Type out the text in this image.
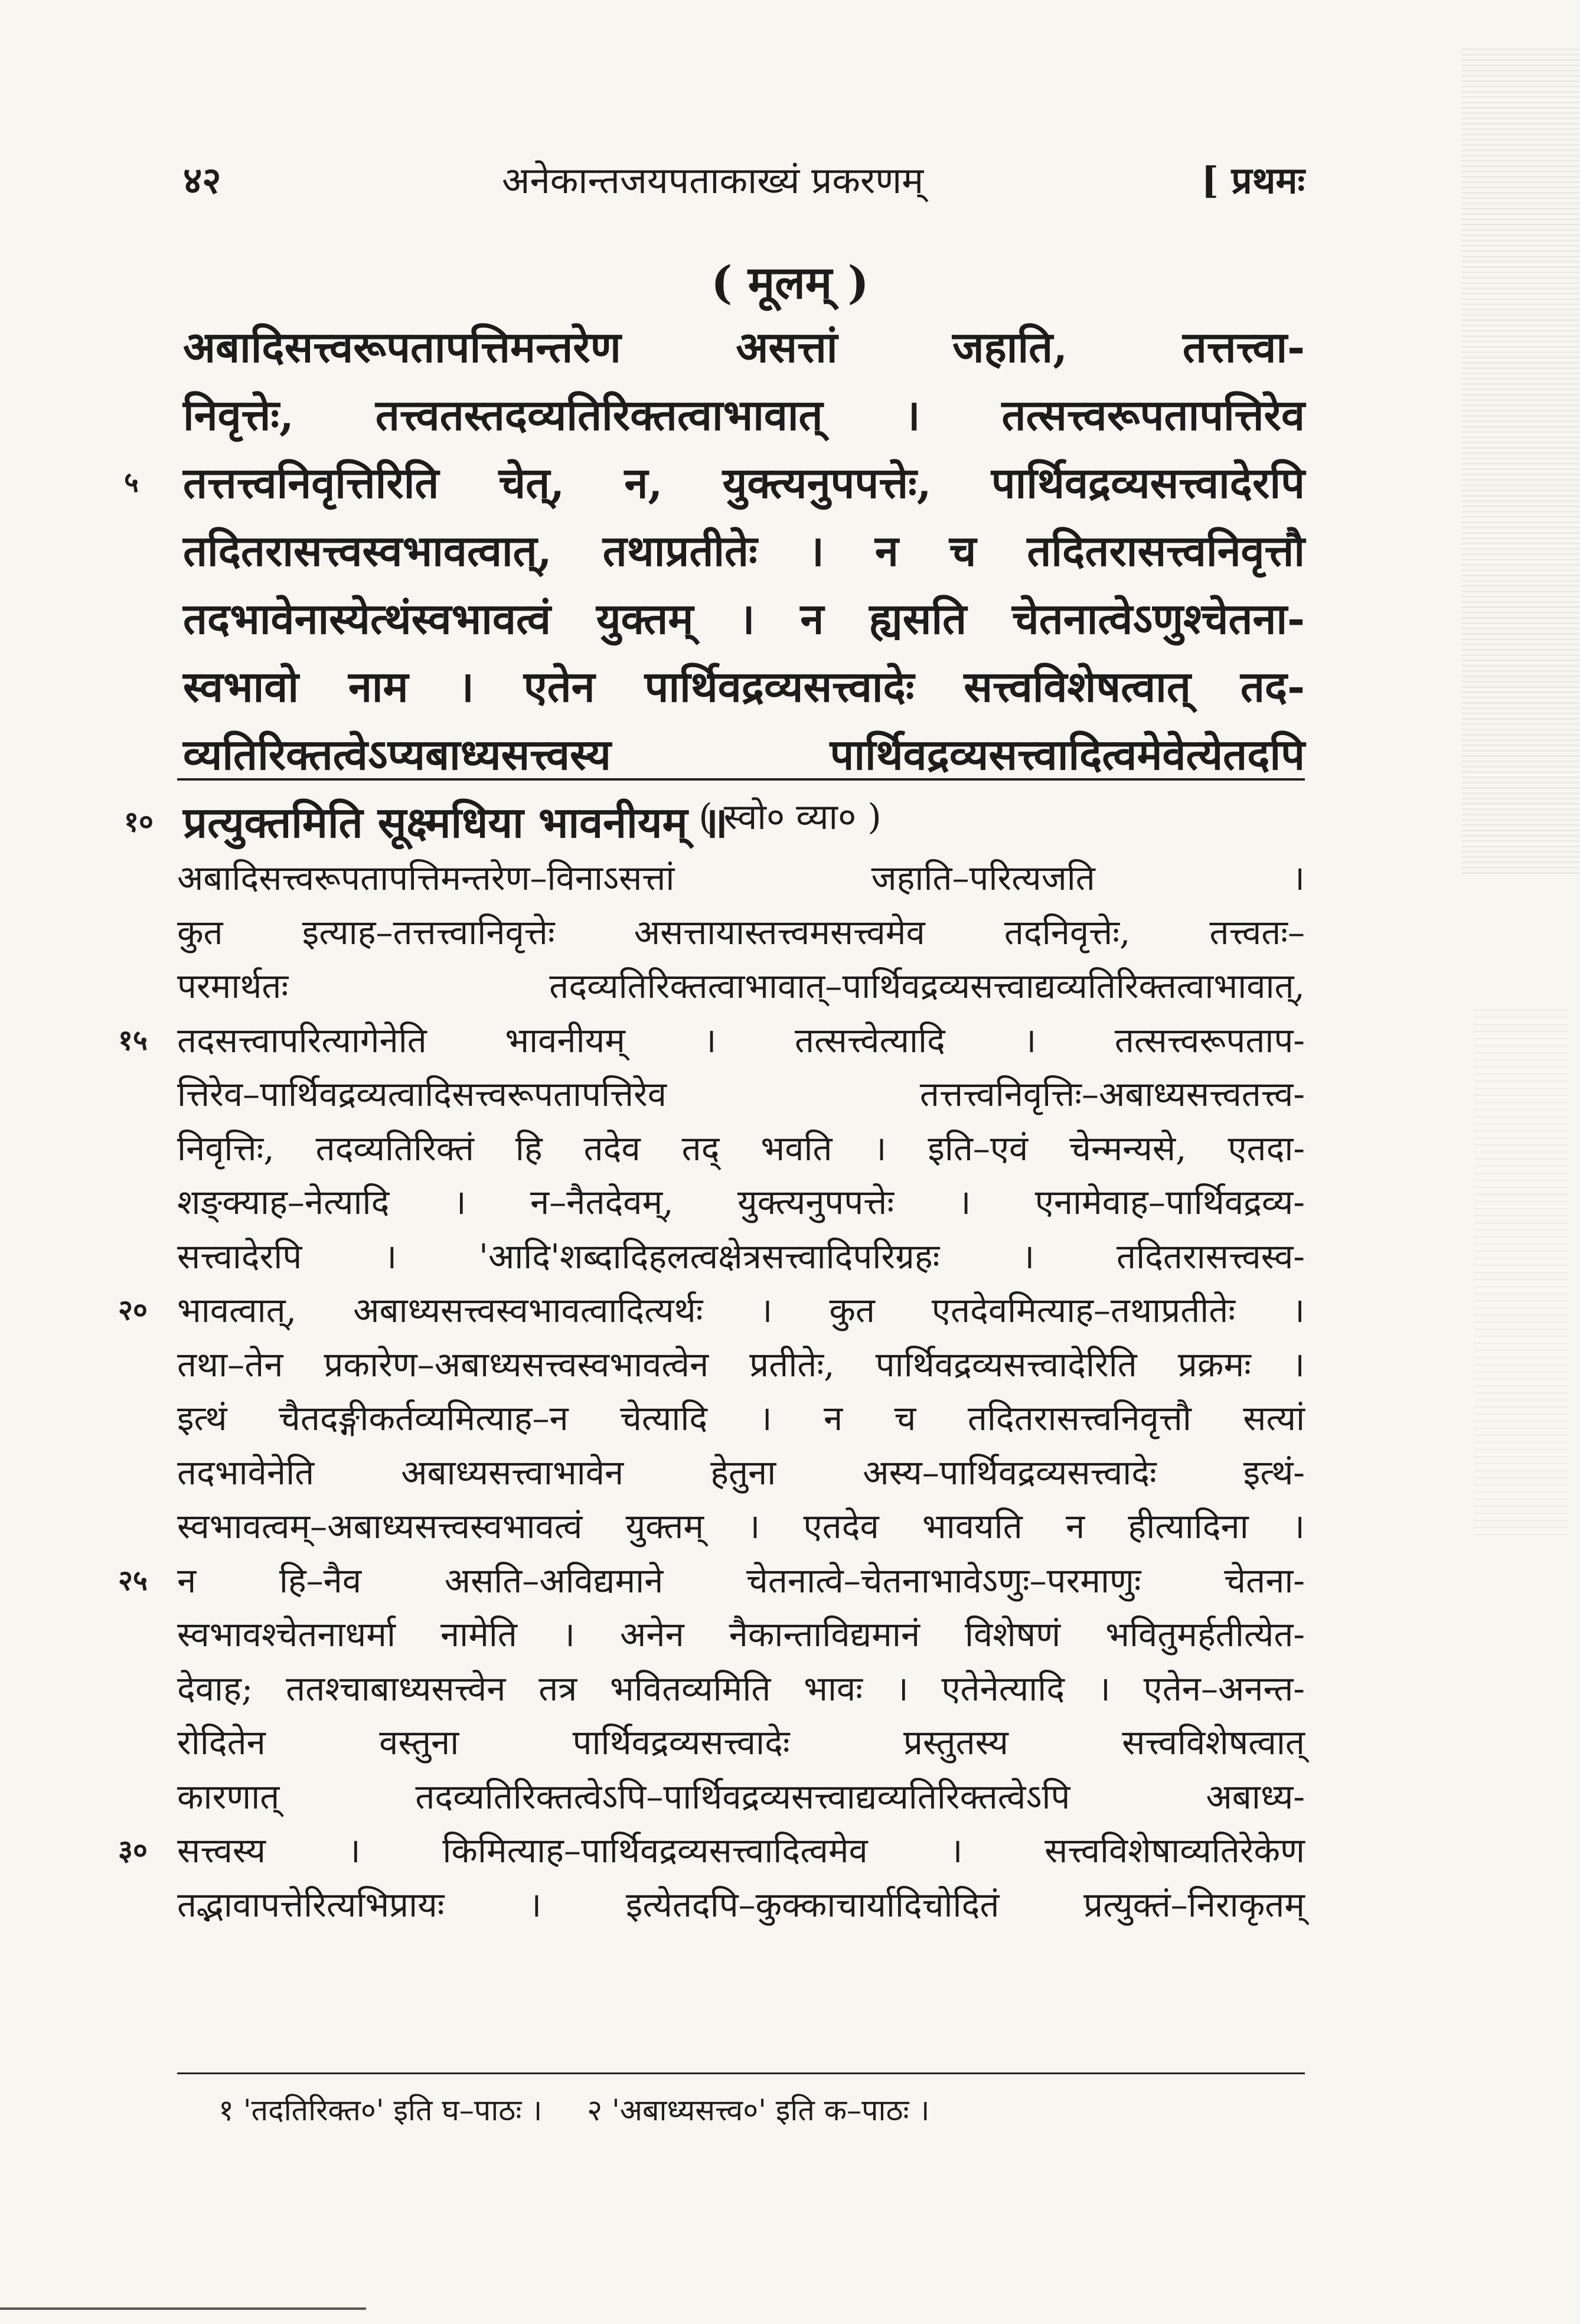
४२	अनेकान्तजयपताकाख्यं प्रकरणम्	[ प्रथमः
( मूलम् )
अबादिसत्त्वरूपतापत्तिमन्तरेण असत्तां जहाति, तत्तत्त्वा-
निवृत्तेः, तत्त्वतस्तदव्यतिरिक्तत्वाभावात् । तत्सत्त्वरूपतापत्तिरेव
५ तत्तत्त्वनिवृत्तिरिति चेत्, न, युक्त्यनुपपत्तेः, पार्थिवद्रव्यसत्त्वादेरपि
तदितरासत्त्वस्वभावत्वात्, तथाप्रतीतेः । न च तदितरासत्त्वनिवृत्तौ
तदभावेनास्येत्थंस्वभावत्वं युक्तम् । न ह्यसति चेतनात्वेऽणुश्चेतना-
स्वभावो नाम । एतेन पार्थिवद्रव्यसत्त्वादेः सत्त्वविशेषत्वात् तद-
व्यतिरिक्तत्वेऽप्यबाध्यसत्त्वस्य पार्थिवद्रव्यसत्त्वादित्वमेवेत्येतदपि
१० प्रत्युक्तमिति सूक्ष्मधिया भावनीयम् ॥
( स्वो० व्या० )
अबादिसत्त्वरूपतापत्तिमन्तरेण–विनाऽसत्तां जहाति–परित्यजति ।
कुत इत्याह–तत्तत्त्वानिवृत्तेः असत्तायास्तत्त्वमसत्त्वमेव तदनिवृत्तेः, तत्त्वतः–
परमार्थतः तदव्यतिरिक्तत्वाभावात्–पार्थिवद्रव्यसत्त्वाद्यव्यतिरिक्तत्वाभावात्,
१५ तदसत्त्वापरित्यागेनेति भावनीयम् । तत्सत्त्वेत्यादि । तत्सत्त्वरूपताप-
त्तिरेव–पार्थिवद्रव्यत्वादिसत्त्वरूपतापत्तिरेव तत्तत्त्वनिवृत्तिः–अबाध्यसत्त्वतत्त्व-
निवृत्तिः, तदव्यतिरिक्तं हि तदेव तद् भवति । इति–एवं चेन्मन्यसे, एतदा-
शङ्क्याह–नेत्यादि । न–नैतदेवम्, युक्त्यनुपपत्तेः । एनामेवाह–पार्थिवद्रव्य-
सत्त्वादेरपि । 'आदि'शब्दादिहलत्वक्षेत्रसत्त्वादिपरिग्रहः । तदितरासत्त्वस्व-
२० भावत्वात्, अबाध्यसत्त्वस्वभावत्वादित्यर्थः । कुत एतदेवमित्याह–तथाप्रतीतेः ।
तथा–तेन प्रकारेण–अबाध्यसत्त्वस्वभावत्वेन प्रतीतेः, पार्थिवद्रव्यसत्त्वादेरिति प्रक्रमः ।
इत्थं चैतदङ्गीकर्तव्यमित्याह–न चेत्यादि । न च तदितरासत्त्वनिवृत्तौ सत्यां
तदभावेनेति अबाध्यसत्त्वाभावेन हेतुना अस्य–पार्थिवद्रव्यसत्त्वादेः इत्थं-
स्वभावत्वम्–अबाध्यसत्त्वस्वभावत्वं युक्तम् । एतदेव भावयति न हीत्यादिना ।
२५ न हि–नैव असति–अविद्यमाने चेतनात्वे–चेतनाभावेऽणुः–परमाणुः चेतना-
स्वभावश्चेतनाधर्मा नामेति । अनेन नैकान्ताविद्यमानं विशेषणं भवितुमर्हतीत्येत-
देवाह; ततश्चाबाध्यसत्त्वेन तत्र भवितव्यमिति भावः । एतेनेत्यादि । एतेन–अनन्त-
रोदितेन वस्तुना पार्थिवद्रव्यसत्त्वादेः प्रस्तुतस्य सत्त्वविशेषत्वात्
कारणात् तदव्यतिरिक्तत्वेऽपि–पार्थिवद्रव्यसत्त्वाद्यव्यतिरिक्तत्वेऽपि अबाध्य-
३० सत्त्वस्य । किमित्याह–पार्थिवद्रव्यसत्त्वादित्वमेव । सत्त्वविशेषाव्यतिरेकेण
तद्भावापत्तेरित्यभिप्रायः । इत्येतदपि–कुक्काचार्यादिचोदितं प्रत्युक्तं–निराकृतम्
१ 'तदतिरिक्त०' इति घ–पाठः । २ 'अबाध्यसत्त्व०' इति क–पाठः ।
